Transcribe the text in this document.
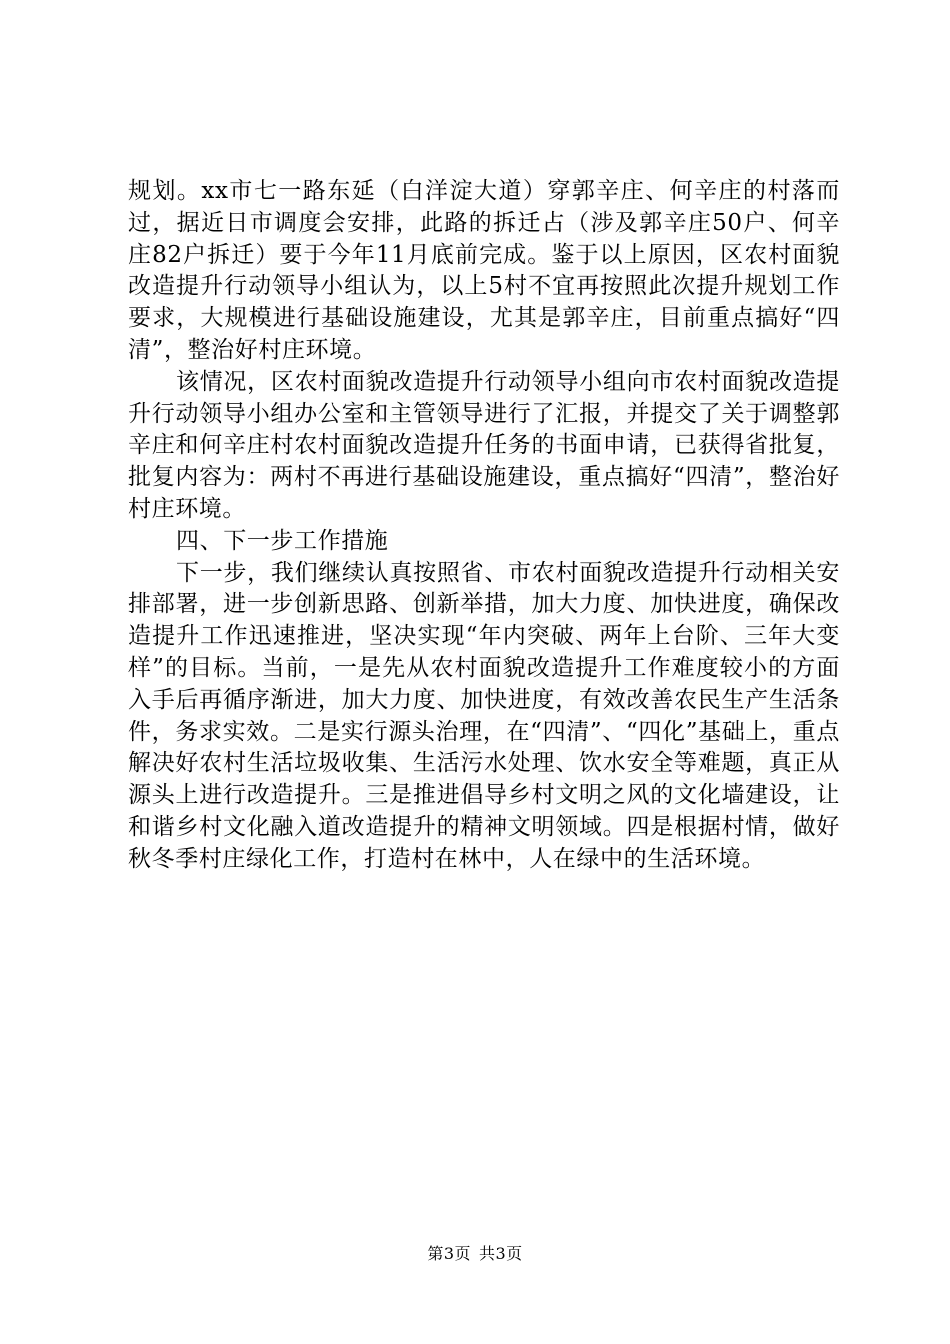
规划。xx市七一路东延（白洋淀大道）穿郭辛庄、何辛庄的村落而过，据近日市调度会安排，此路的拆迁占（涉及郭辛庄50户、何辛庄82户拆迁）要于今年11月底前完成。鉴于以上原因，区农村面貌改造提升行动领导小组认为，以上5村不宜再按照此次提升规划工作要求，大规模进行基础设施建设，尤其是郭辛庄，目前重点搞好“四清”，整治好村庄环境。

该情况，区农村面貌改造提升行动领导小组向市农村面貌改造提升行动领导小组办公室和主管领导进行了汇报，并提交了关于调整郭辛庄和何辛庄村农村面貌改造提升任务的书面申请，已获得省批复，批复内容为：两村不再进行基础设施建设，重点搞好“四清”，整治好村庄环境。

四、下一步工作措施

下一步，我们继续认真按照省、市农村面貌改造提升行动相关安排部署，进一步创新思路、创新举措，加大力度、加快进度，确保改造提升工作迅速推进，坚决实现“年内突破、两年上台阶、三年大变样”的目标。当前，一是先从农村面貌改造提升工作难度较小的方面入手后再循序渐进，加大力度、加快进度，有效改善农民生产生活条件，务求实效。二是实行源头治理，在“四清”、“四化”基础上，重点解决好农村生活垃圾收集、生活污水处理、饮水安全等难题，真正从源头上进行改造提升。三是推进倡导乡村文明之风的文化墙建设，让和谐乡村文化融入道改造提升的精神文明领域。四是根据村情，做好秋冬季村庄绿化工作，打造村在林中，人在绿中的生活环境。

第3页 共3页
